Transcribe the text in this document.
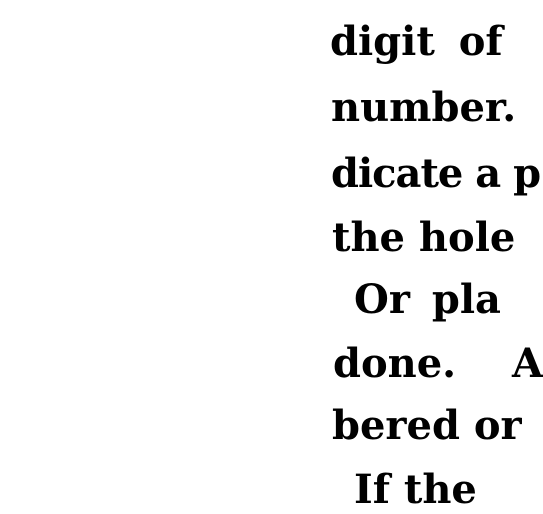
digit of

number.

dicate a p

the hole

Or pla

done. A

bered or

If the
